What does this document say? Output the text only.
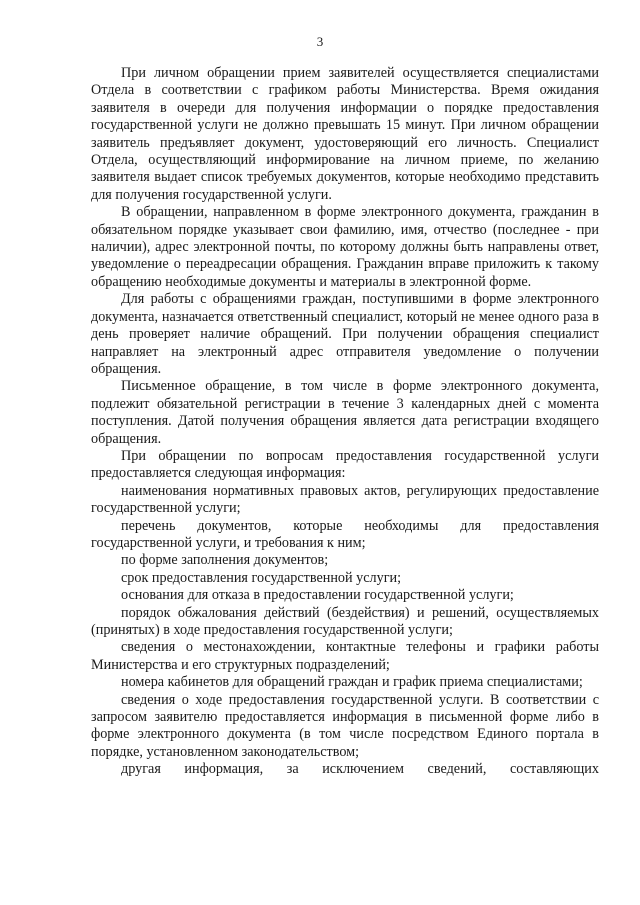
3

При личном обращении прием заявителей осуществляется специалистами Отдела в соответствии с графиком работы Министерства. Время ожидания заявителя в очереди для получения информации о порядке предоставления государственной услуги не должно превышать 15 минут. При личном обращении заявитель предъявляет документ, удостоверяющий его личность. Специалист Отдела, осуществляющий информирование на личном приеме, по желанию заявителя выдает список требуемых документов, которые необходимо представить для получения государственной услуги.

В обращении, направленном в форме электронного документа, гражданин в обязательном порядке указывает свои фамилию, имя, отчество (последнее - при наличии), адрес электронной почты, по которому должны быть направлены ответ, уведомление о переадресации обращения. Гражданин вправе приложить к такому обращению необходимые документы и материалы в электронной форме.

Для работы с обращениями граждан, поступившими в форме электронного документа, назначается ответственный специалист, который не менее одного раза в день проверяет наличие обращений. При получении обращения специалист направляет на электронный адрес отправителя уведомление о получении обращения.

Письменное обращение, в том числе в форме электронного документа, подлежит обязательной регистрации в течение 3 календарных дней с момента поступления. Датой получения обращения является дата регистрации входящего обращения.

При обращении по вопросам предоставления государственной услуги предоставляется следующая информация:

наименования нормативных правовых актов, регулирующих предоставление государственной услуги;

перечень документов, которые необходимы для предоставления государственной услуги, и требования к ним;

по форме заполнения документов;

срок предоставления государственной услуги;

основания для отказа в предоставлении государственной услуги;

порядок обжалования действий (бездействия) и решений, осуществляемых (принятых) в ходе предоставления государственной услуги;

сведения о местонахождении, контактные телефоны и графики работы Министерства и его структурных подразделений;

номера кабинетов для обращений граждан и график приема специалистами;

сведения о ходе предоставления государственной услуги. В соответствии с запросом заявителю предоставляется информация в письменной форме либо в форме электронного документа (в том числе посредством Единого портала в порядке, установленном законодательством;

другая информация, за исключением сведений, составляющих
